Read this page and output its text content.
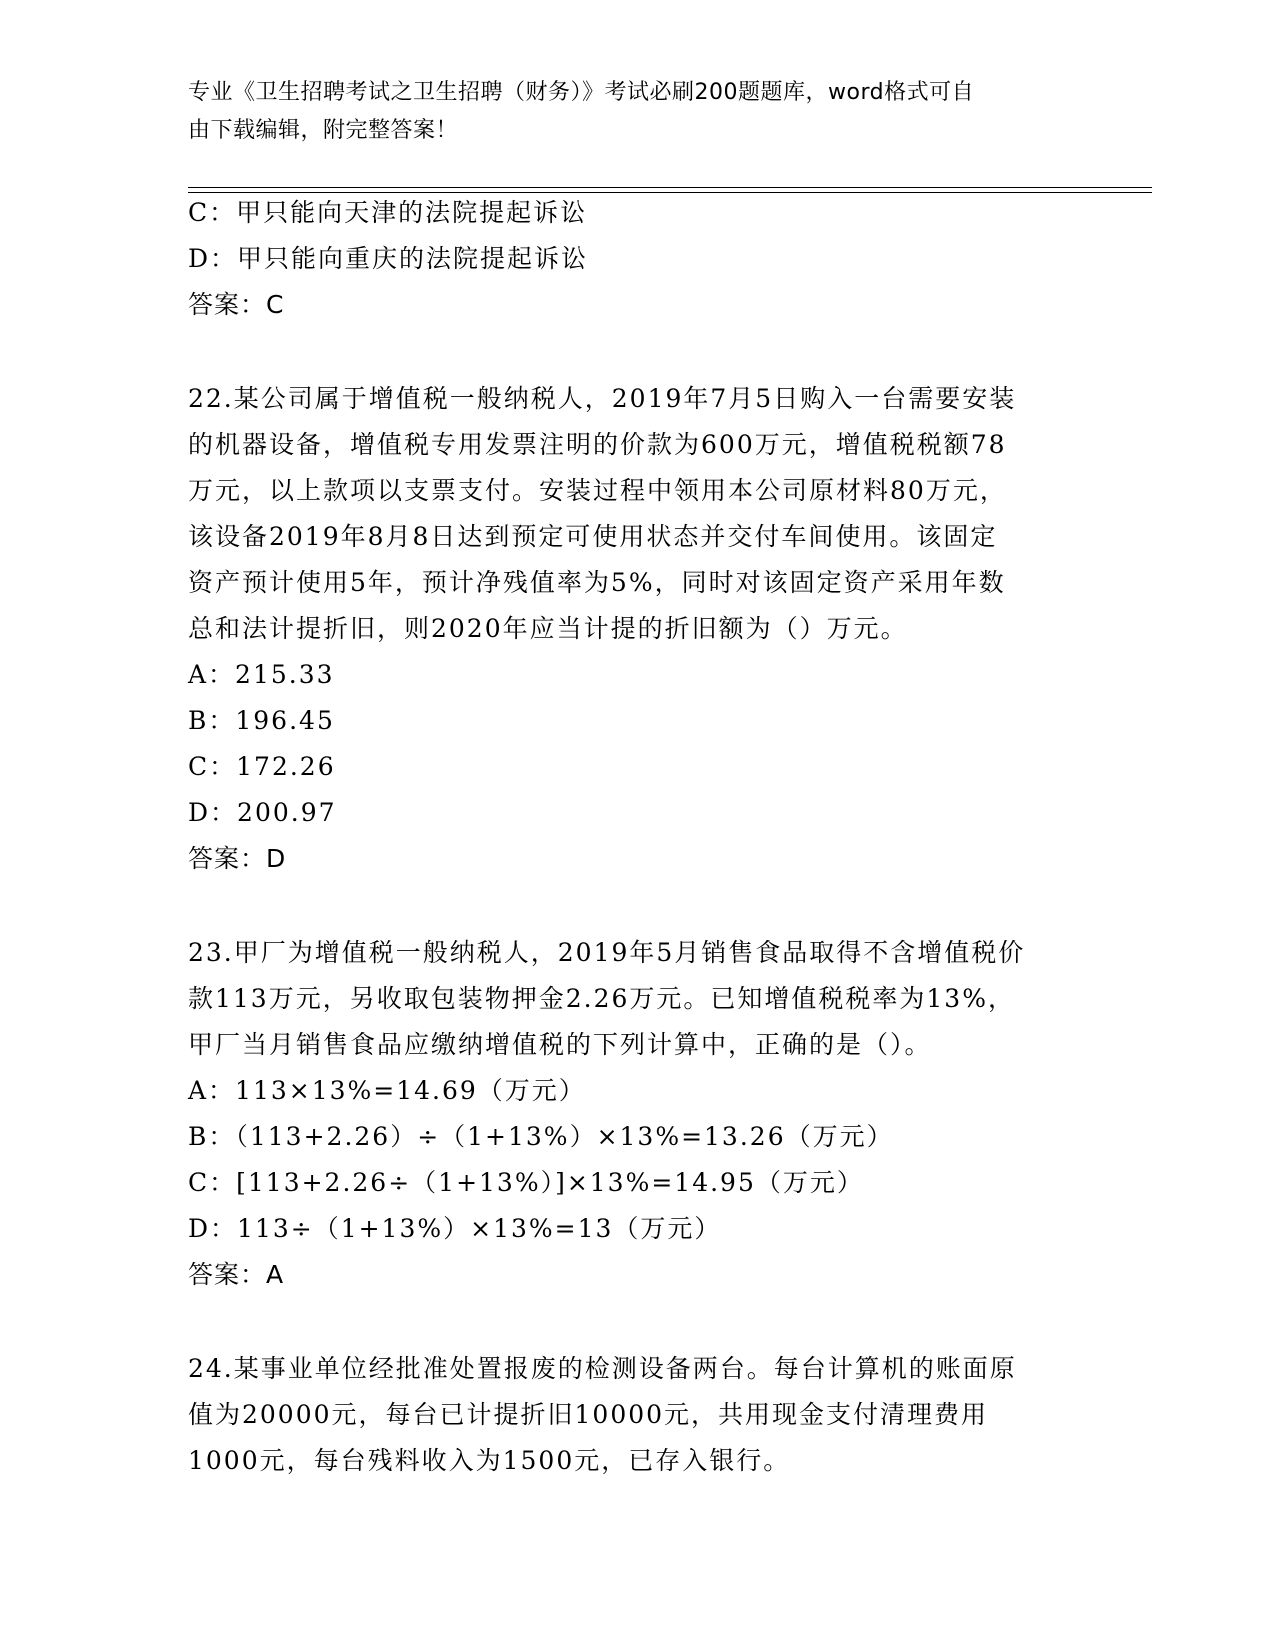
专业《卫生招聘考试之卫生招聘（财务）》考试必刷200题题库，word格式可自
由下载编辑，附完整答案！
C：甲只能向天津的法院提起诉讼
D：甲只能向重庆的法院提起诉讼
答案：C
22.某公司属于增值税一般纳税人，2019年7月5日购入一台需要安装
的机器设备，增值税专用发票注明的价款为600万元，增值税税额78
万元，以上款项以支票支付。安装过程中领用本公司原材料80万元，
该设备2019年8月8日达到预定可使用状态并交付车间使用。该固定
资产预计使用5年，预计净残值率为5%，同时对该固定资产采用年数
总和法计提折旧，则2020年应当计提的折旧额为（）万元。
A：215.33
B：196.45
C：172.26
D：200.97
答案：D
23.甲厂为增值税一般纳税人，2019年5月销售食品取得不含增值税价
款113万元，另收取包装物押金2.26万元。已知增值税税率为13%，
甲厂当月销售食品应缴纳增值税的下列计算中，正确的是（）。
A：113×13%=14.69（万元）
B：（113+2.26）÷（1+13%）×13%=13.26（万元）
C：[113+2.26÷（1+13%）]×13%=14.95（万元）
D：113÷（1+13%）×13%=13（万元）
答案：A
24.某事业单位经批准处置报废的检测设备两台。每台计算机的账面原
值为20000元，每台已计提折旧10000元，共用现金支付清理费用
1000元，每台残料收入为1500元，已存入银行。
